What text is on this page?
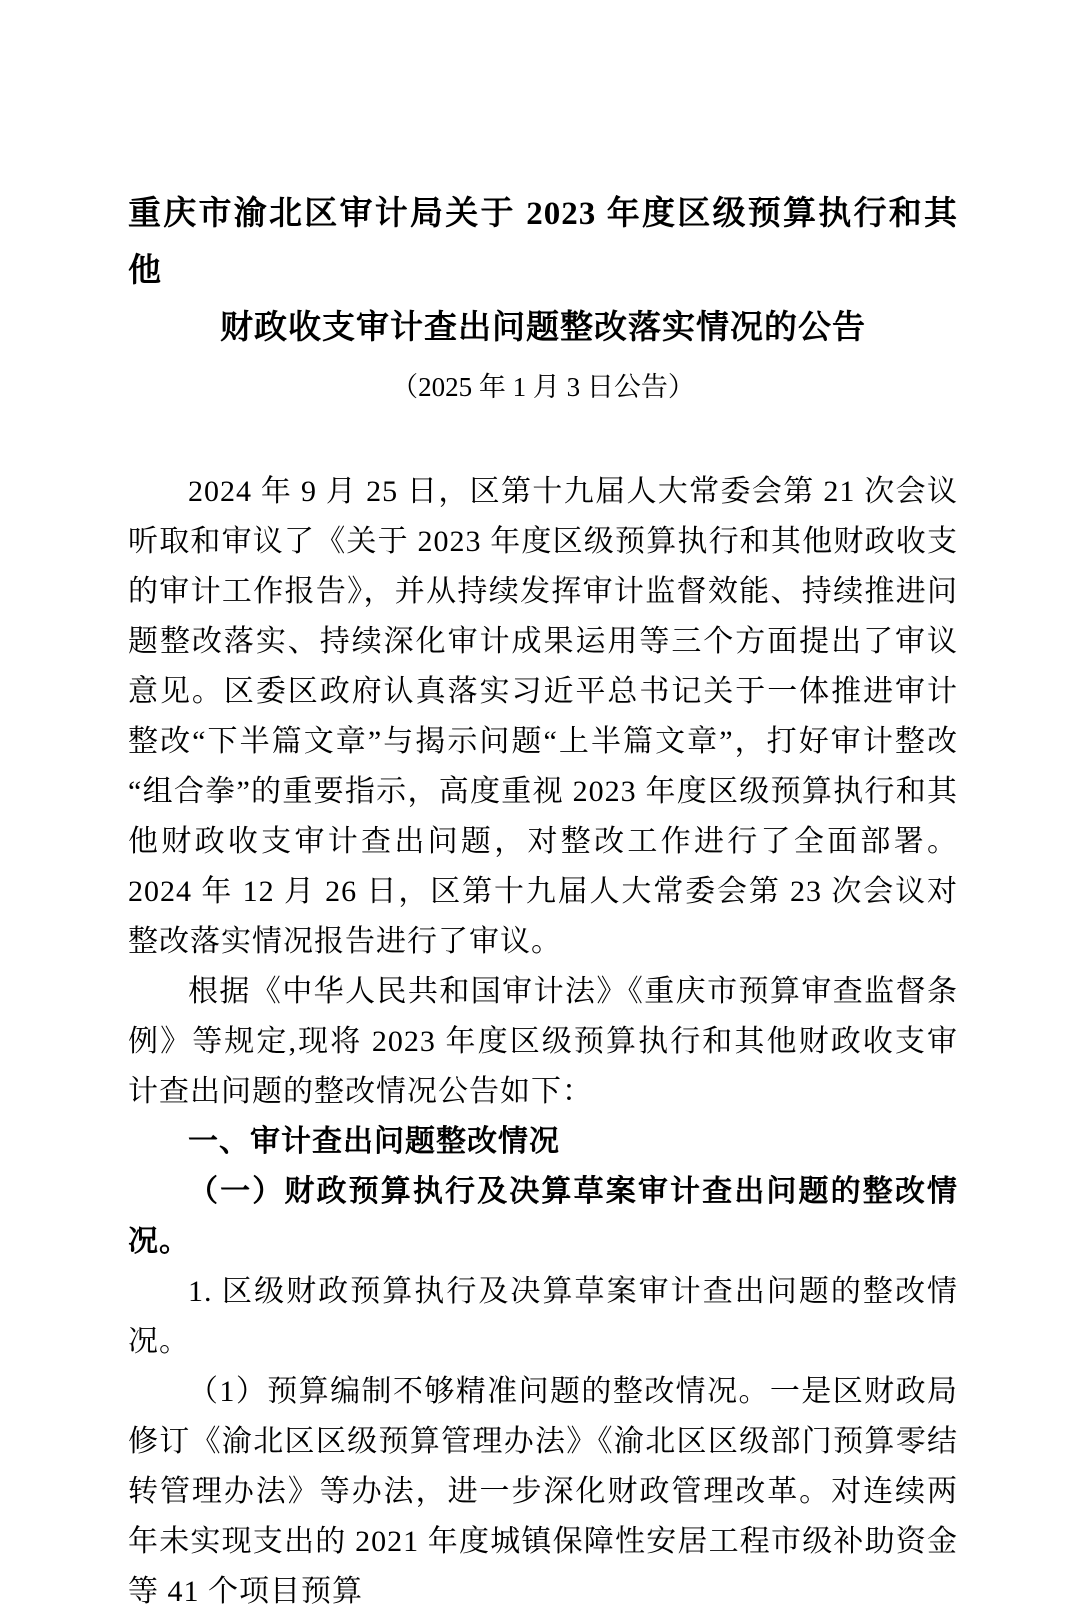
重庆市渝北区审计局关于 2023 年度区级预算执行和其他
财政收支审计查出问题整改落实情况的公告
（2025 年 1 月 3 日公告）

2024 年 9 月 25 日，区第十九届人大常委会第 21 次会议听取和审议了《关于 2023 年度区级预算执行和其他财政收支的审计工作报告》，并从持续发挥审计监督效能、持续推进问题整改落实、持续深化审计成果运用等三个方面提出了审议意见。区委区政府认真落实习近平总书记关于一体推进审计整改“下半篇文章”与揭示问题“上半篇文章”，打好审计整改“组合拳”的重要指示，高度重视 2023 年度区级预算执行和其他财政收支审计查出问题，对整改工作进行了全面部署。2024 年 12 月 26 日，区第十九届人大常委会第 23 次会议对整改落实情况报告进行了审议。

根据《中华人民共和国审计法》《重庆市预算审查监督条例》等规定,现将 2023 年度区级预算执行和其他财政收支审计查出问题的整改情况公告如下：

一、审计查出问题整改情况
（一）财政预算执行及决算草案审计查出问题的整改情况。

1. 区级财政预算执行及决算草案审计查出问题的整改情况。

（1）预算编制不够精准问题的整改情况。一是区财政局修订《渝北区区级预算管理办法》《渝北区区级部门预算零结转管理办法》等办法，进一步深化财政管理改革。对连续两年未实现支出的 2021 年度城镇保障性安居工程市级补助资金等 41 个项目预算
